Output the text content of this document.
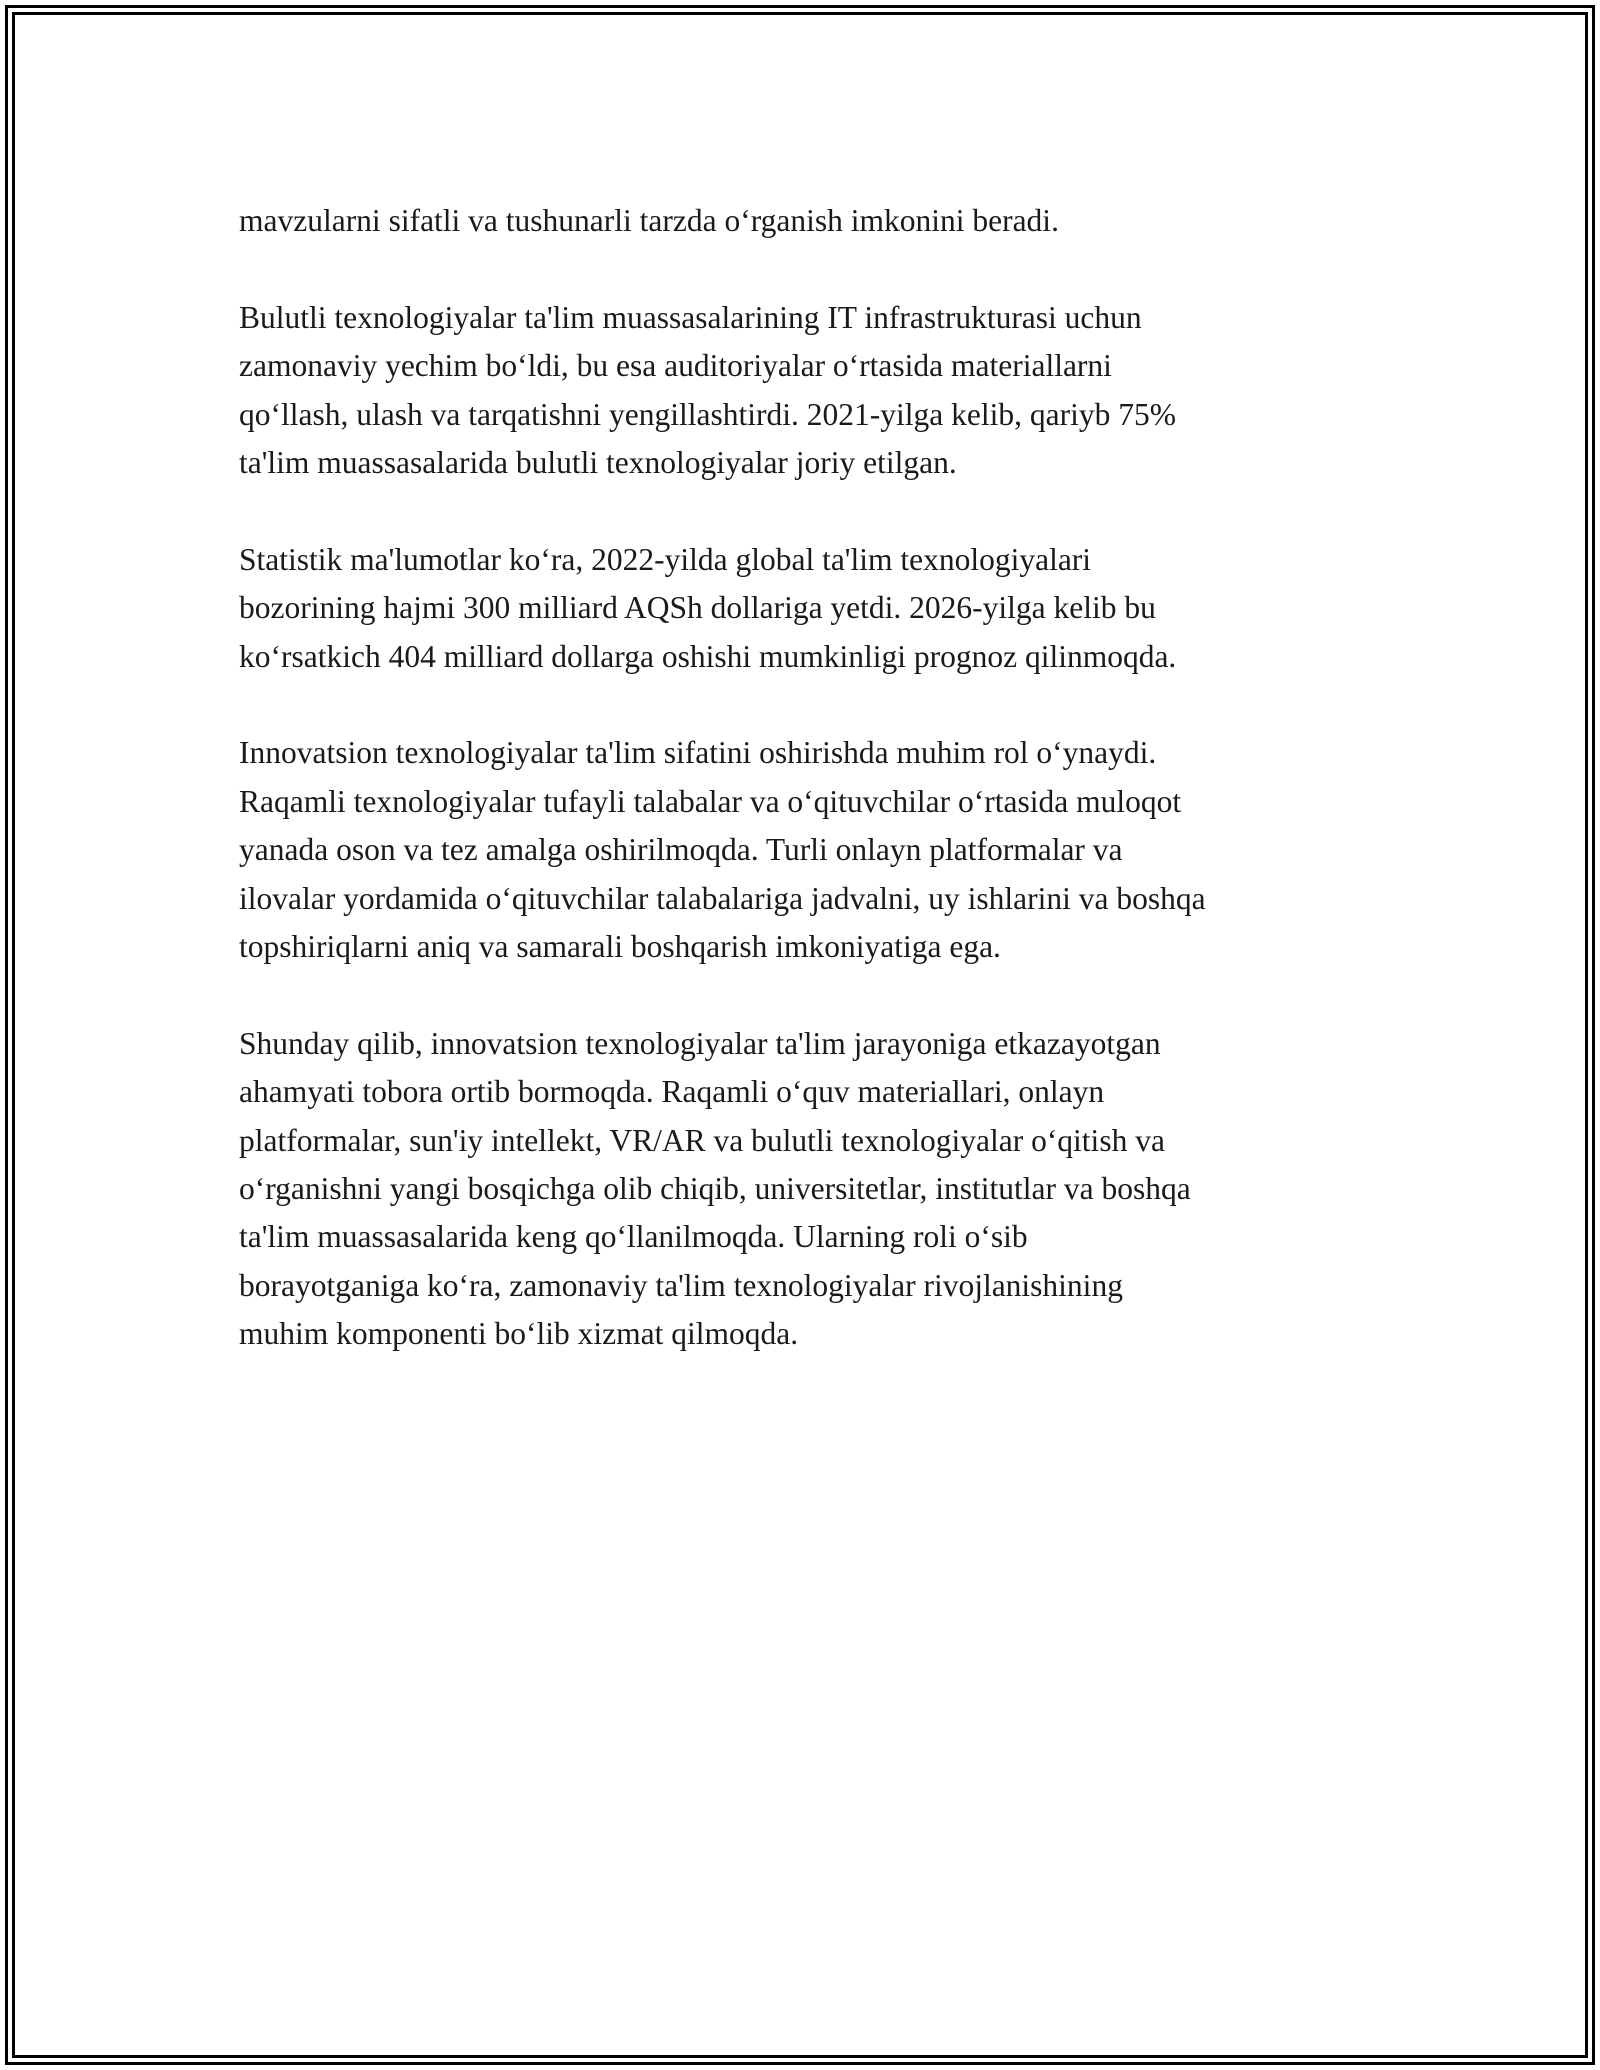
mavzularni sifatli va tushunarli tarzda o‘rganish imkonini beradi.

Bulutli texnologiyalar ta'lim muassasalarining IT infrastrukturasi uchun
zamonaviy yechim bo‘ldi, bu esa auditoriyalar o‘rtasida materiallarni
qo‘llash, ulash va tarqatishni yengillashtirdi. 2021-yilga kelib, qariyb 75%
ta'lim muassasalarida bulutli texnologiyalar joriy etilgan.

Statistik ma'lumotlar ko‘ra, 2022-yilda global ta'lim texnologiyalari
bozorining hajmi 300 milliard AQSh dollariga yetdi. 2026-yilga kelib bu
ko‘rsatkich 404 milliard dollarga oshishi mumkinligi prognoz qilinmoqda.

Innovatsion texnologiyalar ta'lim sifatini oshirishda muhim rol o‘ynaydi.
Raqamli texnologiyalar tufayli talabalar va o‘qituvchilar o‘rtasida muloqot
yanada oson va tez amalga oshirilmoqda. Turli onlayn platformalar va
ilovalar yordamida o‘qituvchilar talabalariga jadvalni, uy ishlarini va boshqa
topshiriqlarni aniq va samarali boshqarish imkoniyatiga ega.

Shunday qilib, innovatsion texnologiyalar ta'lim jarayoniga etkazayotgan
ahamyati tobora ortib bormoqda. Raqamli o‘quv materiallari, onlayn
platformalar, sun'iy intellekt, VR/AR va bulutli texnologiyalar o‘qitish va
o‘rganishni yangi bosqichga olib chiqib, universitetlar, institutlar va boshqa
ta'lim muassasalarida keng qo‘llanilmoqda. Ularning roli o‘sib
borayotganiga ko‘ra, zamonaviy ta'lim texnologiyalar rivojlanishining
muhim komponenti bo‘lib xizmat qilmoqda.
